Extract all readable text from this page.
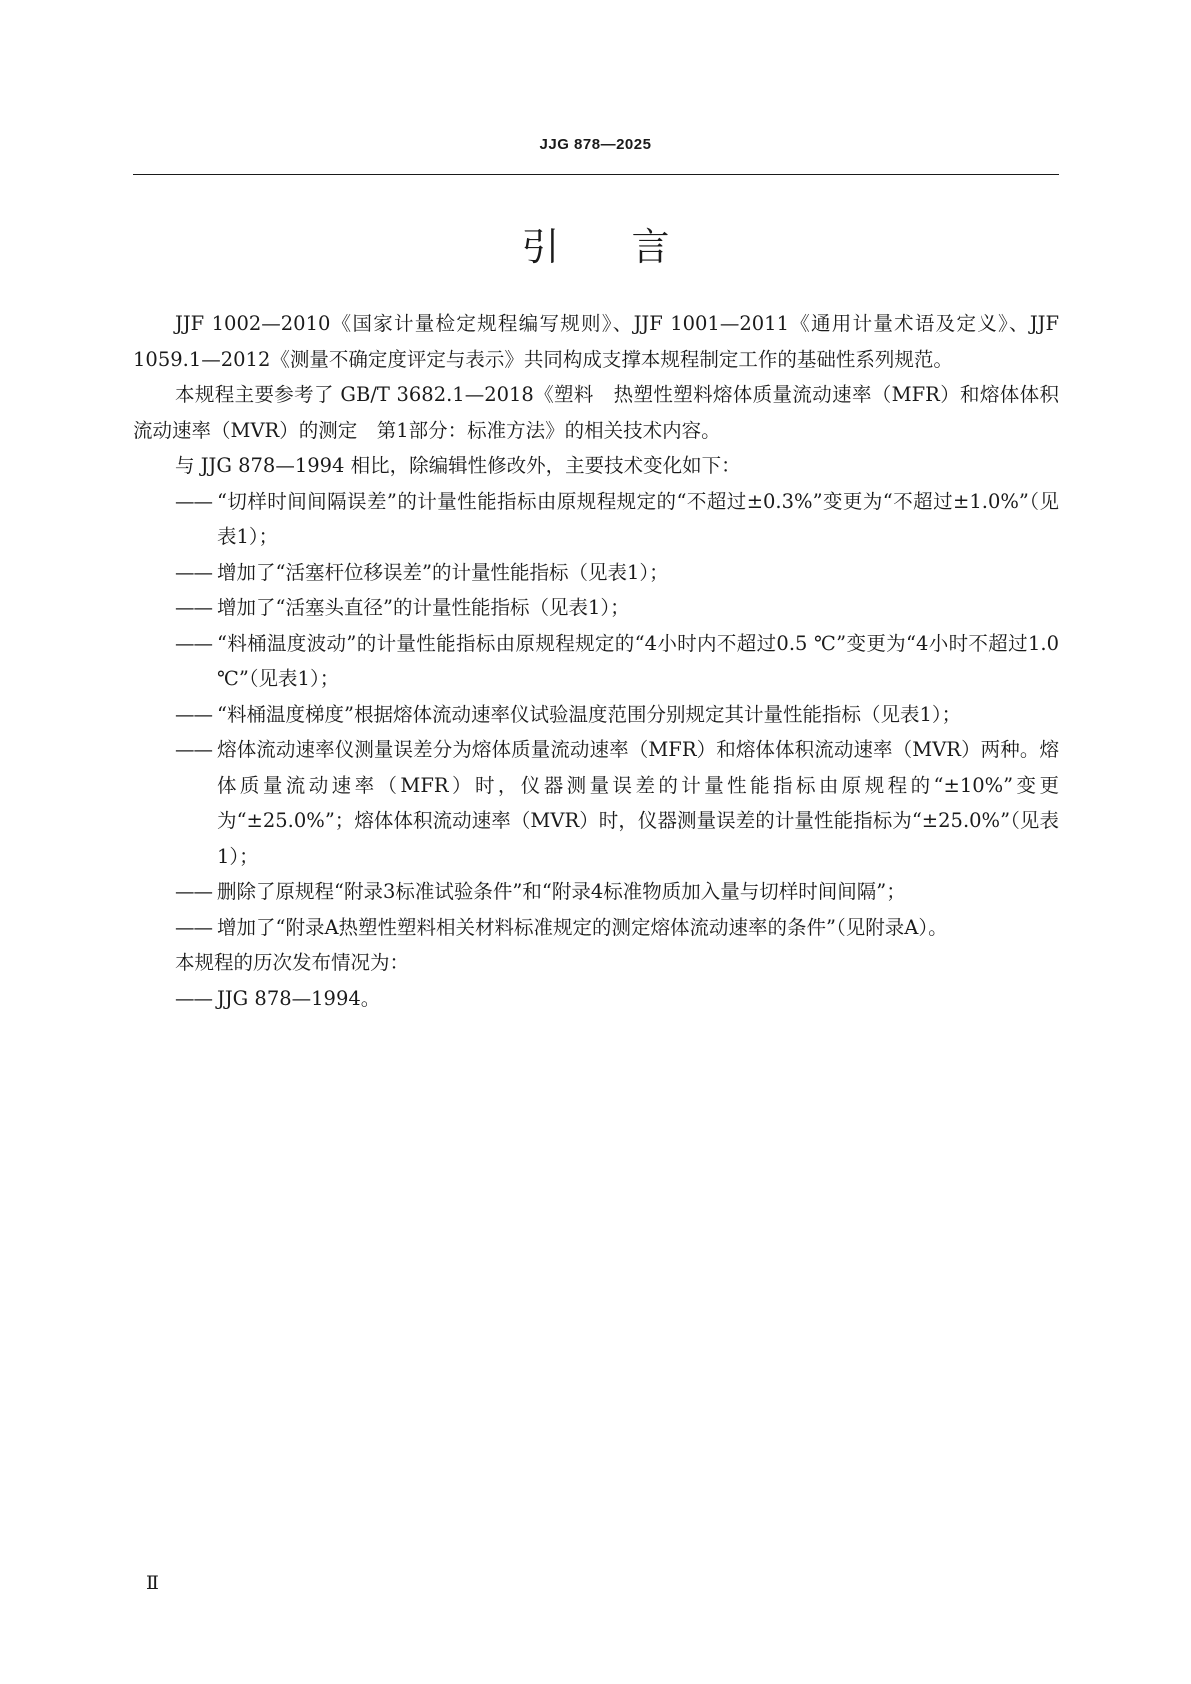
JJG 878—2025
引言

JJF 1002—2010《国家计量检定规程编写规则》、JJF 1001—2011《通用计量术语及定义》、JJF 1059.1—2012《测量不确定度评定与表示》共同构成支撑本规程制定工作的基础性系列规范。

本规程主要参考了 GB/T 3682.1—2018《塑料　热塑性塑料熔体质量流动速率（MFR）和熔体体积流动速率（MVR）的测定　第1部分：标准方法》的相关技术内容。

与 JJG 878—1994 相比，除编辑性修改外，主要技术变化如下：

—— “切样时间间隔误差”的计量性能指标由原规程规定的“不超过±0.3%”变更为“不超过±1.0%”（见表1）；

—— 增加了“活塞杆位移误差”的计量性能指标（见表1）；

—— 增加了“活塞头直径”的计量性能指标（见表1）；

—— “料桶温度波动”的计量性能指标由原规程规定的“4小时内不超过0.5 ℃”变更为“4小时不超过1.0 ℃”（见表1）；

—— “料桶温度梯度”根据熔体流动速率仪试验温度范围分别规定其计量性能指标（见表1）；

—— 熔体流动速率仪测量误差分为熔体质量流动速率（MFR）和熔体体积流动速率（MVR）两种。熔体质量流动速率（MFR）时，仪器测量误差的计量性能指标由原规程的“±10%”变更为“±25.0%”；熔体体积流动速率（MVR）时，仪器测量误差的计量性能指标为“±25.0%”（见表1）；

—— 删除了原规程“附录3标准试验条件”和“附录4标准物质加入量与切样时间间隔”；

—— 增加了“附录A热塑性塑料相关材料标准规定的测定熔体流动速率的条件”（见附录A）。

本规程的历次发布情况为：

—— JJG 878—1994。

Ⅱ
